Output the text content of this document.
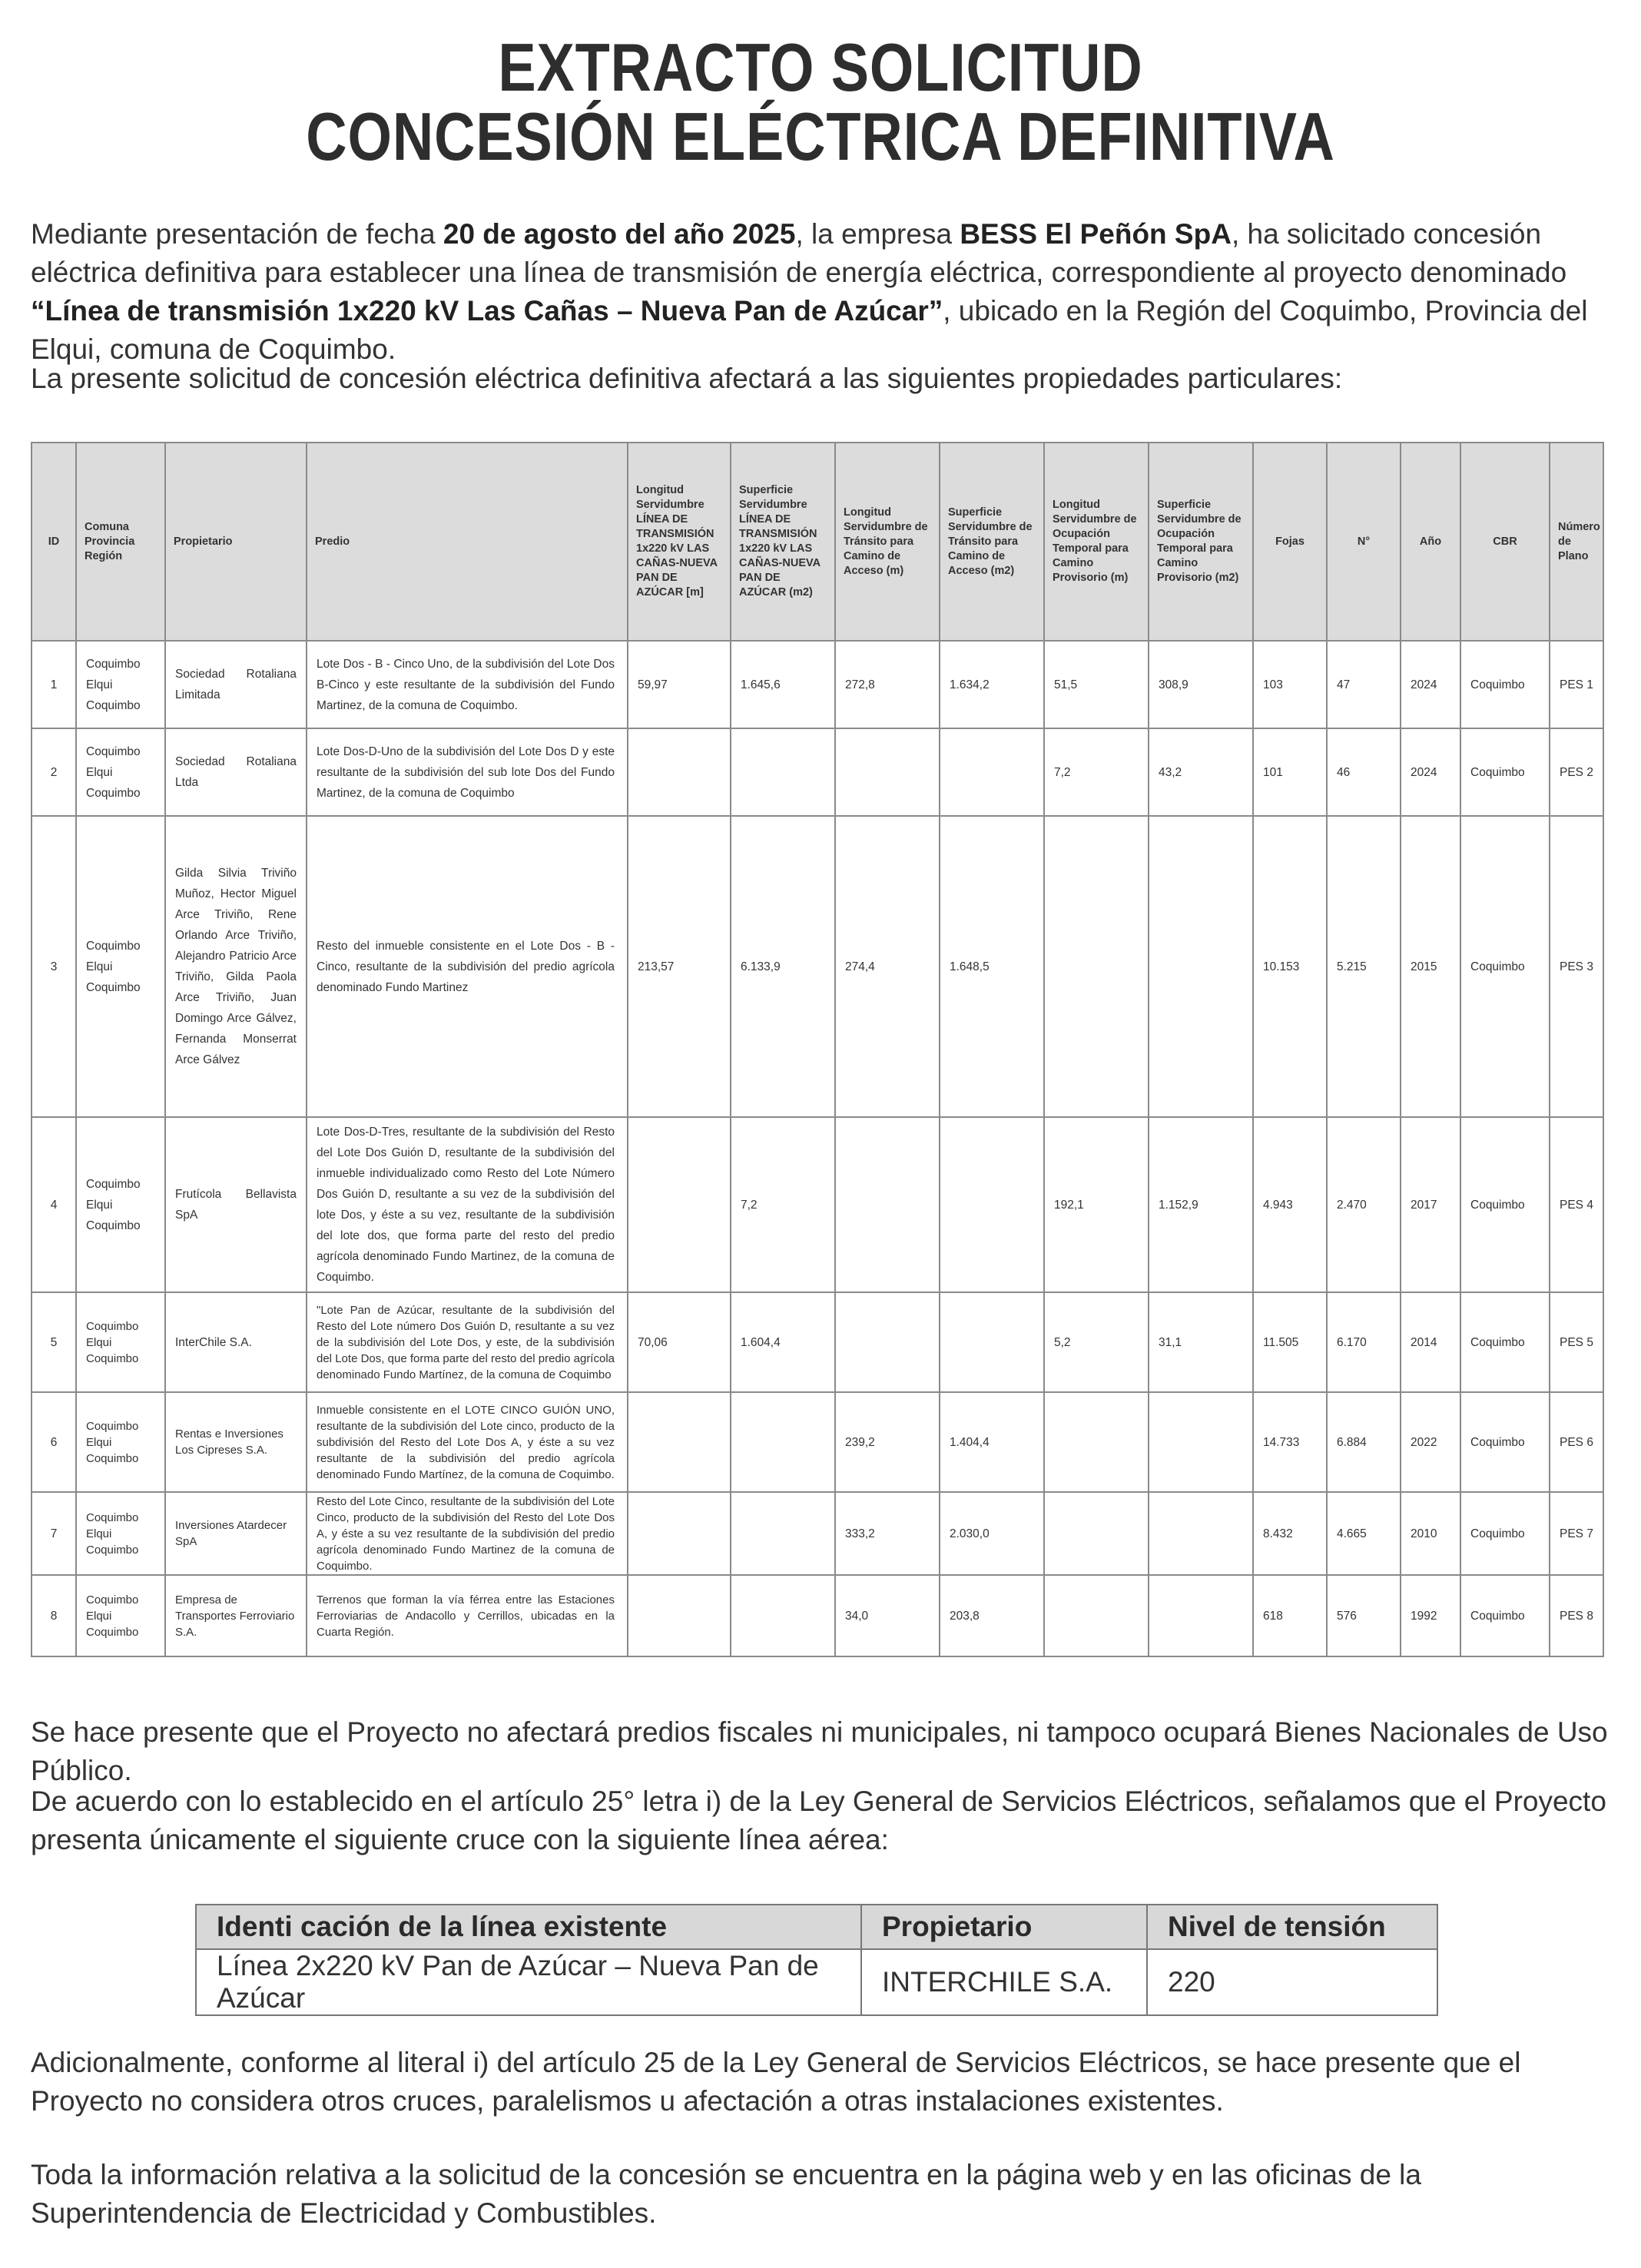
EXTRACTO SOLICITUD
CONCESIÓN ELÉCTRICA DEFINITIVA
Mediante presentación de fecha 20 de agosto del año 2025, la empresa BESS El Peñón SpA, ha solicitado concesión eléctrica definitiva para establecer una línea de transmisión de energía eléctrica, correspondiente al proyecto denominado “Línea de transmisión 1x220 kV Las Cañas – Nueva Pan de Azúcar”, ubicado en la Región del Coquimbo, Provincia del Elqui, comuna de Coquimbo.
La presente solicitud de concesión eléctrica definitiva afectará a las siguientes propiedades particulares:
ID	Comuna Provincia Región	Propietario	Predio	Longitud Servidumbre LÍNEA DE TRANSMISIÓN 1x220 kV LAS CAÑAS-NUEVA PAN DE AZÚCAR [m]	Superficie Servidumbre LÍNEA DE TRANSMISIÓN 1x220 kV LAS CAÑAS-NUEVA PAN DE AZÚCAR (m2)	Longitud Servidumbre de Tránsito para Camino de Acceso (m)	Superficie Servidumbre de Tránsito para Camino de Acceso (m2)	Longitud Servidumbre de Ocupación Temporal para Camino Provisorio (m)	Superficie Servidumbre de Ocupación Temporal para Camino Provisorio (m2)	Fojas	N°	Año	CBR	Número de Plano
1	Coquimbo Elqui Coquimbo	Sociedad Rotaliana Limitada	Lote Dos - B - Cinco Uno, de la subdivisión del Lote Dos B-Cinco y este resultante de la subdivisión del Fundo Martinez, de la comuna de Coquimbo.	59,97	1.645,6	272,8	1.634,2	51,5	308,9	103	47	2024	Coquimbo	PES 1
2	Coquimbo Elqui Coquimbo	Sociedad Rotaliana Ltda	Lote Dos-D-Uno de la subdivisión del Lote Dos D y este resultante de la subdivisión del sub lote Dos del Fundo Martinez, de la comuna de Coquimbo					7,2	43,2	101	46	2024	Coquimbo	PES 2
3	Coquimbo Elqui Coquimbo	Gilda Silvia Triviño Muñoz, Hector Miguel Arce Triviño, Rene Orlando Arce Triviño, Alejandro Patricio Arce Triviño, Gilda Paola Arce Triviño, Juan Domingo Arce Gálvez, Fernanda Monserrat Arce Gálvez	Resto del inmueble consistente en el Lote Dos - B - Cinco, resultante de la subdivisión del predio agrícola denominado Fundo Martinez	213,57	6.133,9	274,4	1.648,5			10.153	5.215	2015	Coquimbo	PES 3
4	Coquimbo Elqui Coquimbo	Frutícola Bellavista SpA	Lote Dos-D-Tres, resultante de la subdivisión del Resto del Lote Dos Guión D, resultante de la subdivisión del inmueble individualizado como Resto del Lote Número Dos Guión D, resultante a su vez de la subdivisión del lote Dos, y éste a su vez, resultante de la subdivisión del lote dos, que forma parte del resto del predio agrícola denominado Fundo Martinez, de la comuna de Coquimbo.		7,2			192,1	1.152,9	4.943	2.470	2017	Coquimbo	PES 4
5	Coquimbo Elqui Coquimbo	InterChile S.A.	"Lote Pan de Azúcar, resultante de la subdivisión del Resto del Lote número Dos Guión D, resultante a su vez de la subdivisión del Lote Dos, y este, de la subdivisión del Lote Dos, que forma parte del resto del predio agrícola denominado Fundo Martínez, de la comuna de Coquimbo	70,06	1.604,4			5,2	31,1	11.505	6.170	2014	Coquimbo	PES 5
6	Coquimbo Elqui Coquimbo	Rentas e Inversiones Los Cipreses S.A.	Inmueble consistente en el LOTE CINCO GUIÓN UNO, resultante de la subdivisión del Lote cinco, producto de la subdivisión del Resto del Lote Dos A, y éste a su vez resultante de la subdivisión del predio agrícola denominado Fundo Martínez, de la comuna de Coquimbo.			239,2	1.404,4			14.733	6.884	2022	Coquimbo	PES 6
7	Coquimbo Elqui Coquimbo	Inversiones Atardecer SpA	Resto del Lote Cinco, resultante de la subdivisión del Lote Cinco, producto de la subdivisión del Resto del Lote Dos A, y éste a su vez resultante de la subdivisión del predio agrícola denominado Fundo Martinez de la comuna de Coquimbo.			333,2	2.030,0			8.432	4.665	2010	Coquimbo	PES 7
8	Coquimbo Elqui Coquimbo	Empresa de Transportes Ferroviario S.A.	Terrenos que forman la vía férrea entre las Estaciones Ferroviarias de Andacollo y Cerrillos, ubicadas en la Cuarta Región.			34,0	203,8			618	576	1992	Coquimbo	PES 8
Se hace presente que el Proyecto no afectará predios fiscales ni municipales, ni tampoco ocupará Bienes Nacionales de Uso Público.
De acuerdo con lo establecido en el artículo 25° letra i) de la Ley General de Servicios Eléctricos, señalamos que el Proyecto presenta únicamente el siguiente cruce con la siguiente línea aérea:
Identi cación de la línea existente	Propietario	Nivel de tensión
Línea 2x220 kV Pan de Azúcar – Nueva Pan de Azúcar	INTERCHILE S.A.	220
Adicionalmente, conforme al literal i) del artículo 25 de la Ley General de Servicios Eléctricos, se hace presente que el Proyecto no considera otros cruces, paralelismos u afectación a otras instalaciones existentes.
Toda la información relativa a la solicitud de la concesión se encuentra en la página web y en las oficinas de la Superintendencia de Electricidad y Combustibles.
